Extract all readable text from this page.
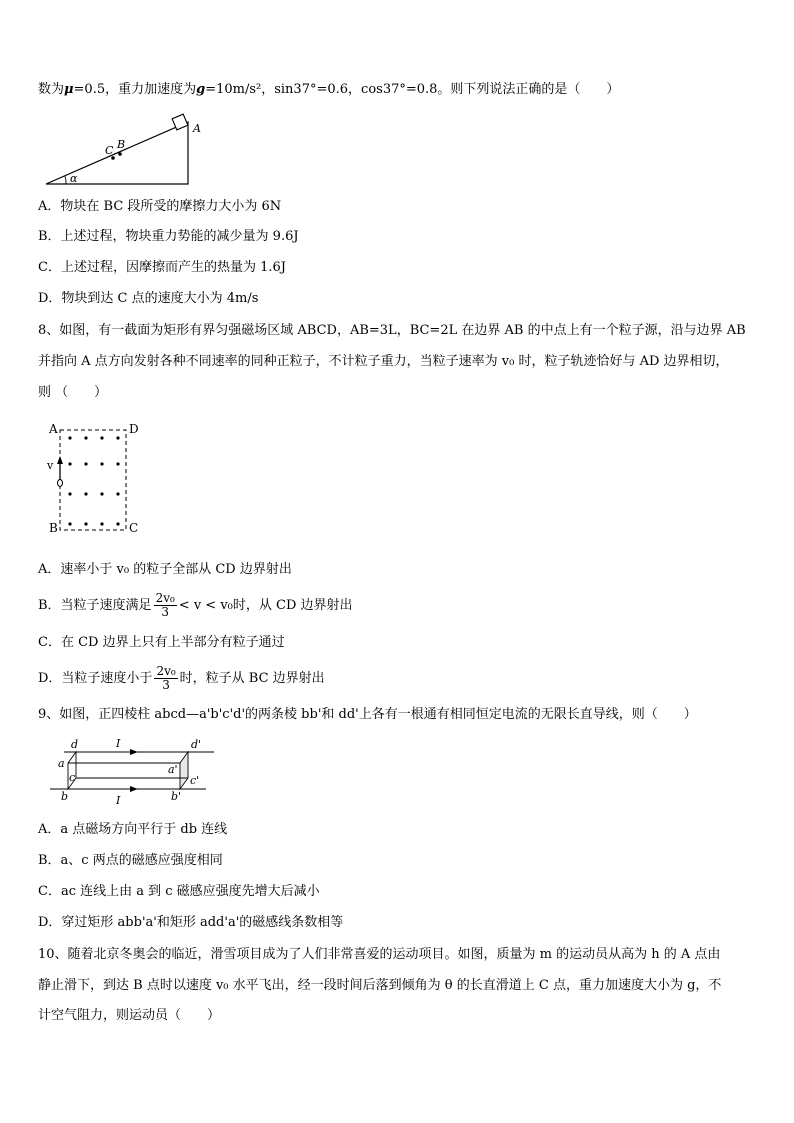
数为μ=0.5，重力加速度为g=10m/s²，sin37°=0.6，cos37°=0.8。则下列说法正确的是（　　）
A
B
C
α
A．物块在 BC 段所受的摩擦力大小为 6N
B．上述过程，物块重力势能的减少量为 9.6J
C．上述过程，因摩擦而产生的热量为 1.6J
D．物块到达 C 点的速度大小为 4m/s
8、如图，有一截面为矩形有界匀强磁场区域 ABCD，AB=3L，BC=2L 在边界 AB 的中点上有一个粒子源，沿与边界 AB
并指向 A 点方向发射各种不同速率的同种正粒子，不计粒子重力，当粒子速率为 v₀ 时，粒子轨迹恰好与 AD 边界相切，
则 （　　）
A	D
B	C
v
A．速率小于 v₀ 的粒子全部从 CD 边界射出
B．当粒子速度满足 $\frac{\text{2v₀}}{3} < v < v_0$时，从 CD 边界射出
C．在 CD 边界上只有上半部分有粒子通过
D．当粒子速度小于 $\frac{\text{2v₀}}{3}$ 时，粒子从 BC 边界射出
9、如图，正四棱柱 abcd—a'b'c'd'的两条棱 bb'和 dd'上各有一根通有相同恒定电流的无限长直导线，则（　　）
d
a
c
b
d'
a'
c'
b'
I
I
A．a 点磁场方向平行于 db 连线
B．a、c 两点的磁感应强度相同
C．ac 连线上由 a 到 c 磁感应强度先增大后减小
D．穿过矩形 abb'a'和矩形 add'a'的磁感线条数相等
10、随着北京冬奥会的临近，滑雪项目成为了人们非常喜爱的运动项目。如图，质量为 m 的运动员从高为 h 的 A 点由
静止滑下，到达 B 点时以速度 v₀ 水平飞出，经一段时间后落到倾角为 θ 的长直滑道上 C 点，重力加速度大小为 g，不
计空气阻力，则运动员（　　）
